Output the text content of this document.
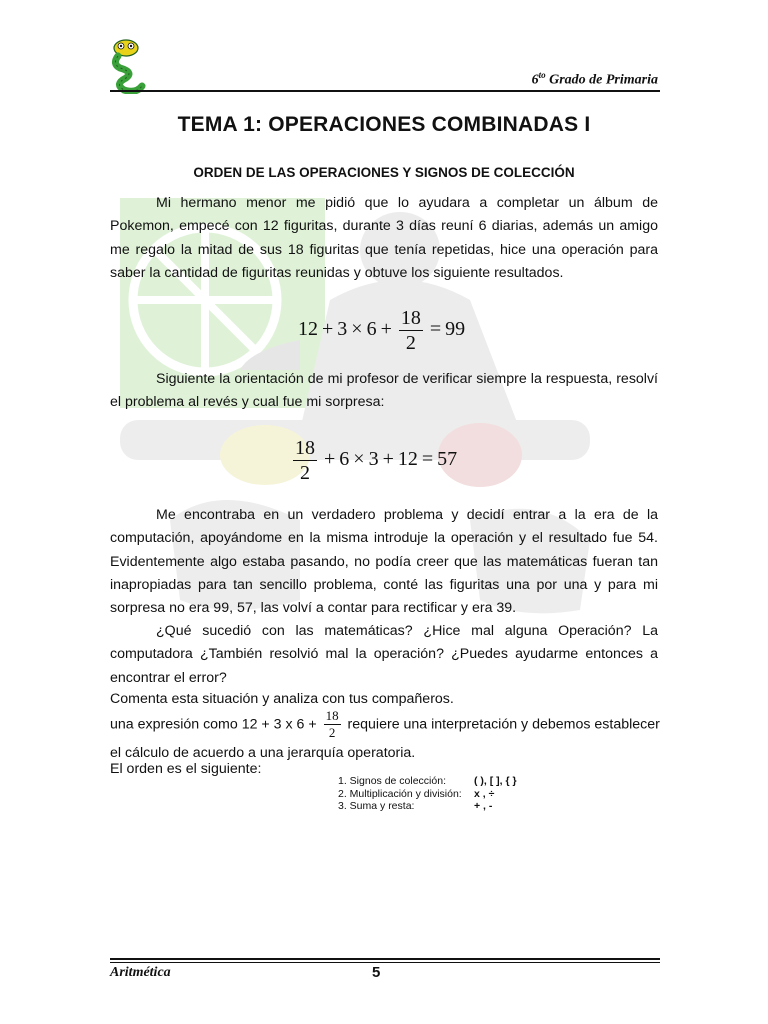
$6^{to}$ Grado de Primaria
TEMA 1: OPERACIONES COMBINADAS I
ORDEN DE LAS OPERACIONES Y SIGNOS DE COLECCIÓN
Mi hermano menor me pidió que lo ayudara a completar un álbum de Pokemon, empecé con 12 figuritas, durante 3 días reuní 6 diarias, además un amigo me regalo la mitad de sus 18 figuritas que tenía repetidas, hice una operación para saber la cantidad de figuritas reunidas y obtuve los siguiente resultados.
$12 + 3 \times 6 + \frac{18}{2} = 99$
Siguiente la orientación de mi profesor de verificar siempre la respuesta, resolví el problema al revés y cual fue mi sorpresa:
$\frac{18}{2} + 6 \times 3 + 12 = 57$
Me encontraba en un verdadero problema y decidí entrar a la era de la computación, apoyándome en la misma introduje la operación y el resultado fue 54. Evidentemente algo estaba pasando, no podía creer que las matemáticas fueran tan inapropiadas para tan sencillo problema, conté las figuritas una por una y para mi sorpresa no era 99, 57, las volví a contar para rectificar y era 39.
¿Qué sucedió con las matemáticas? ¿Hice mal alguna Operación? La computadora ¿También resolvió mal la operación? ¿Puedes ayudarme entonces a encontrar el error?
Comenta esta situación y analiza con tus compañeros.
una expresión como 12 + 3 x $6 + \frac{18}{2}$ requiere una interpretación y debemos establecer
el cálculo de acuerdo a una jerarquía operatoria.
El orden es el siguiente:
1. Signos de colección:	( ), [ ], { }
2. Multiplicación y división: x , ÷
3. Suma y resta:	+ , -
Aritmética	5
